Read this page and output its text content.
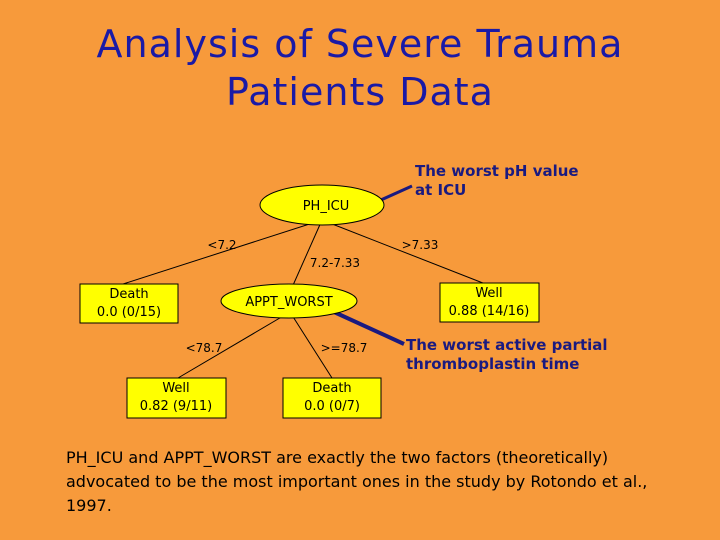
Analysis of Severe Trauma
Patients Data
PH_ICU
<7.2
7.2-7.33
>7.33
Death
0.0 (0/15)
APPT_WORST
Well
0.88 (14/16)
<78.7	>=78.7
Well
0.82 (9/11)
Death
0.0 (0/7)
The worst pH value
at ICU
The worst active partial
thromboplastin time
PH_ICU and APPT_WORST are exactly the two factors (theoretically) advocated to be the most important ones in the study by Rotondo et al., 1997.
